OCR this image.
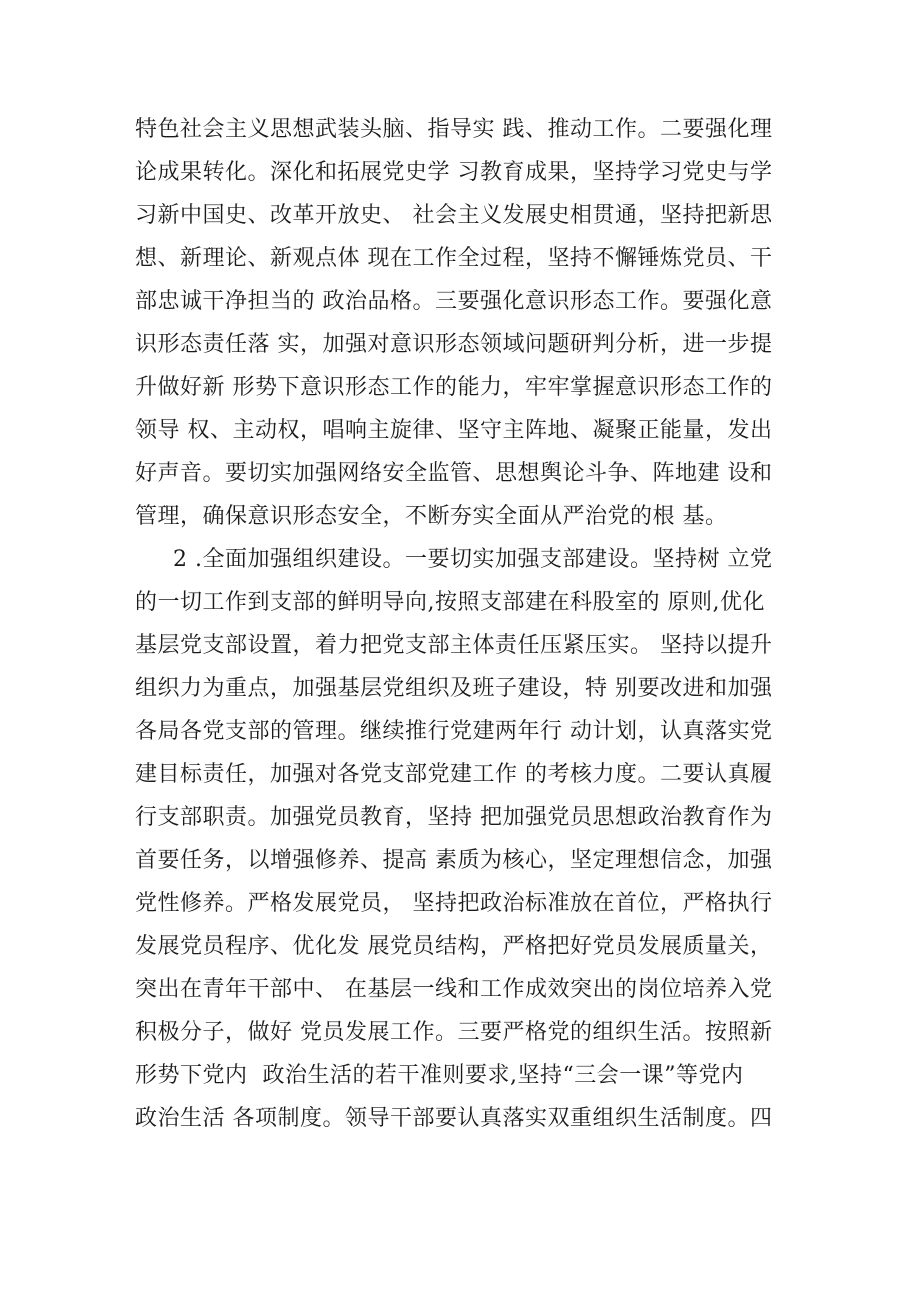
特色社会主义思想武装头脑、指导实 践、推动工作。二要强化理
论成果转化。深化和拓展党史学 习教育成果，坚持学习党史与学
习新中国史、改革开放史、 社会主义发展史相贯通，坚持把新思
想、新理论、新观点体 现在工作全过程，坚持不懈锤炼党员、干
部忠诚干净担当的 政治品格。三要强化意识形态工作。要强化意
识形态责任落 实，加强对意识形态领域问题研判分析，进一步提
升做好新 形势下意识形态工作的能力，牢牢掌握意识形态工作的
领导 权、主动权，唱响主旋律、坚守主阵地、凝聚正能量，发出
好声音。要切实加强网络安全监管、思想舆论斗争、阵地建 设和
管理，确保意识形态安全，不断夯实全面从严治党的根 基。
2 .全面加强组织建设。一要切实加强支部建设。坚持树 立党
的一切工作到支部的鲜明导向,按照支部建在科股室的 原则,优化
基层党支部设置，着力把党支部主体责任压紧压实。 坚持以提升
组织力为重点，加强基层党组织及班子建设，特 别要改进和加强
各局各党支部的管理。继续推行党建两年行 动计划，认真落实党
建目标责任，加强对各党支部党建工作 的考核力度。二要认真履
行支部职责。加强党员教育，坚持 把加强党员思想政治教育作为
首要任务，以增强修养、提高 素质为核心，坚定理想信念，加强
党性修养。严格发展党员， 坚持把政治标准放在首位，严格执行
发展党员程序、优化发 展党员结构，严格把好党员发展质量关，
突出在青年干部中、 在基层一线和工作成效突出的岗位培养入党
积极分子，做好 党员发展工作。三要严格党的组织生活。按照新
形势下党内  政治生活的若干准则要求,坚持“三会一课”等党内
政治生活 各项制度。领导干部要认真落实双重组织生活制度。四
